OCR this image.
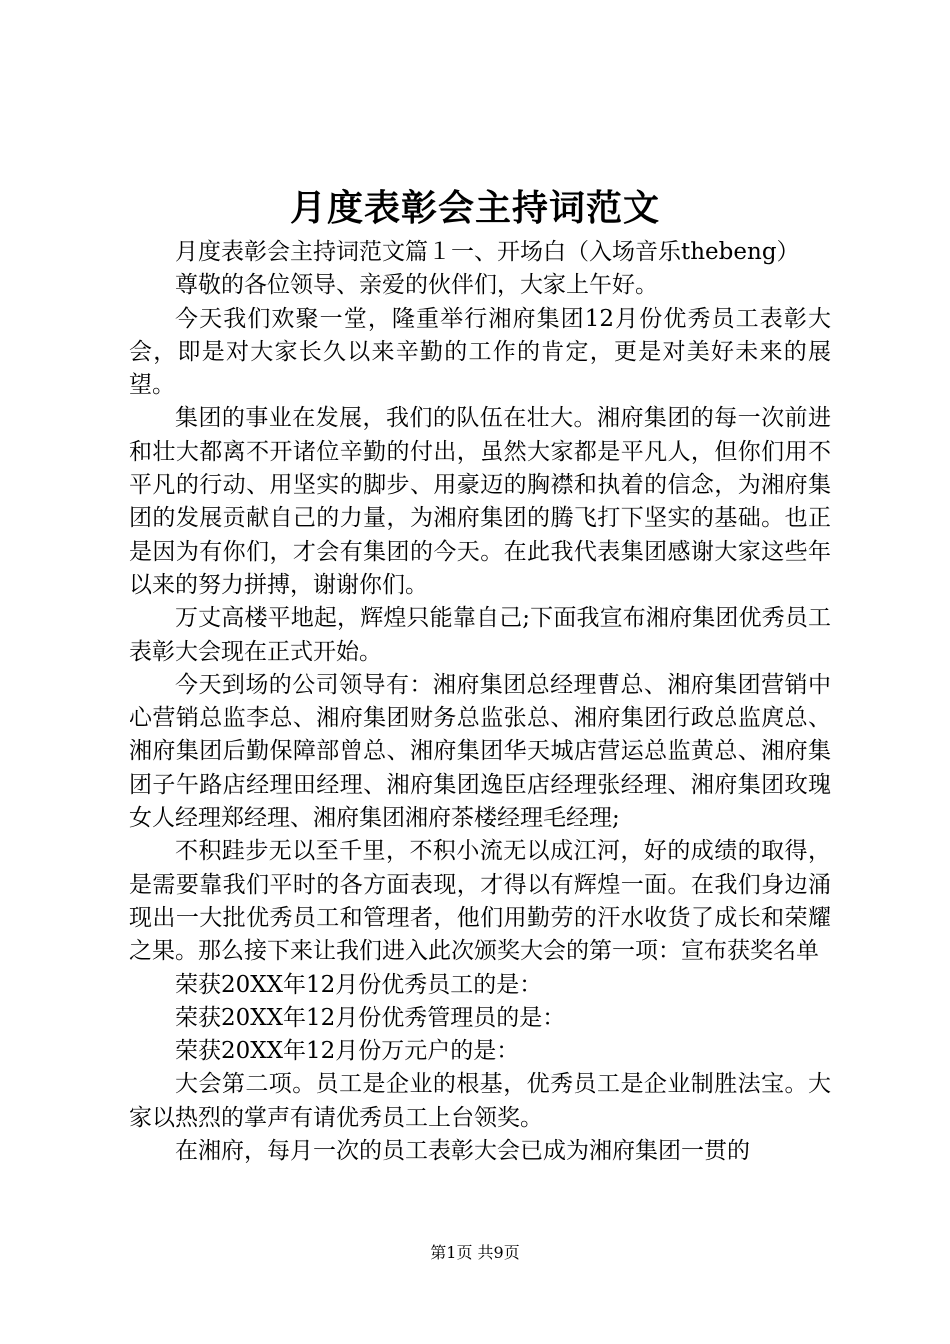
月度表彰会主持词范文

月度表彰会主持词范文篇１一、开场白（入场音乐thebeng）

尊敬的各位领导、亲爱的伙伴们，大家上午好。

今天我们欢聚一堂，隆重举行湘府集团12月份优秀员工表彰大会，即是对大家长久以来辛勤的工作的肯定，更是对美好未来的展望。

集团的事业在发展，我们的队伍在壮大。湘府集团的每一次前进和壮大都离不开诸位辛勤的付出，虽然大家都是平凡人，但你们用不平凡的行动、用坚实的脚步、用豪迈的胸襟和执着的信念，为湘府集团的发展贡献自己的力量，为湘府集团的腾飞打下坚实的基础。也正是因为有你们，才会有集团的今天。在此我代表集团感谢大家这些年以来的努力拼搏，谢谢你们。

万丈高楼平地起，辉煌只能靠自己;下面我宣布湘府集团优秀员工表彰大会现在正式开始。

今天到场的公司领导有：湘府集团总经理曹总、湘府集团营销中心营销总监李总、湘府集团财务总监张总、湘府集团行政总监庹总、湘府集团后勤保障部曾总、湘府集团华天城店营运总监黄总、湘府集团子午路店经理田经理、湘府集团逸臣店经理张经理、湘府集团玫瑰女人经理郑经理、湘府集团湘府茶楼经理毛经理;

不积跬步无以至千里，不积小流无以成江河，好的成绩的取得，是需要靠我们平时的各方面表现，才得以有辉煌一面。在我们身边涌现出一大批优秀员工和管理者，他们用勤劳的汗水收货了成长和荣耀之果。那么接下来让我们进入此次颁奖大会的第一项：宣布获奖名单

荣获20XX年12月份优秀员工的是：

荣获20XX年12月份优秀管理员的是：

荣获20XX年12月份万元户的是：

大会第二项。员工是企业的根基，优秀员工是企业制胜法宝。大家以热烈的掌声有请优秀员工上台领奖。

在湘府，每月一次的员工表彰大会已成为湘府集团一贯的

第1页 共9页
